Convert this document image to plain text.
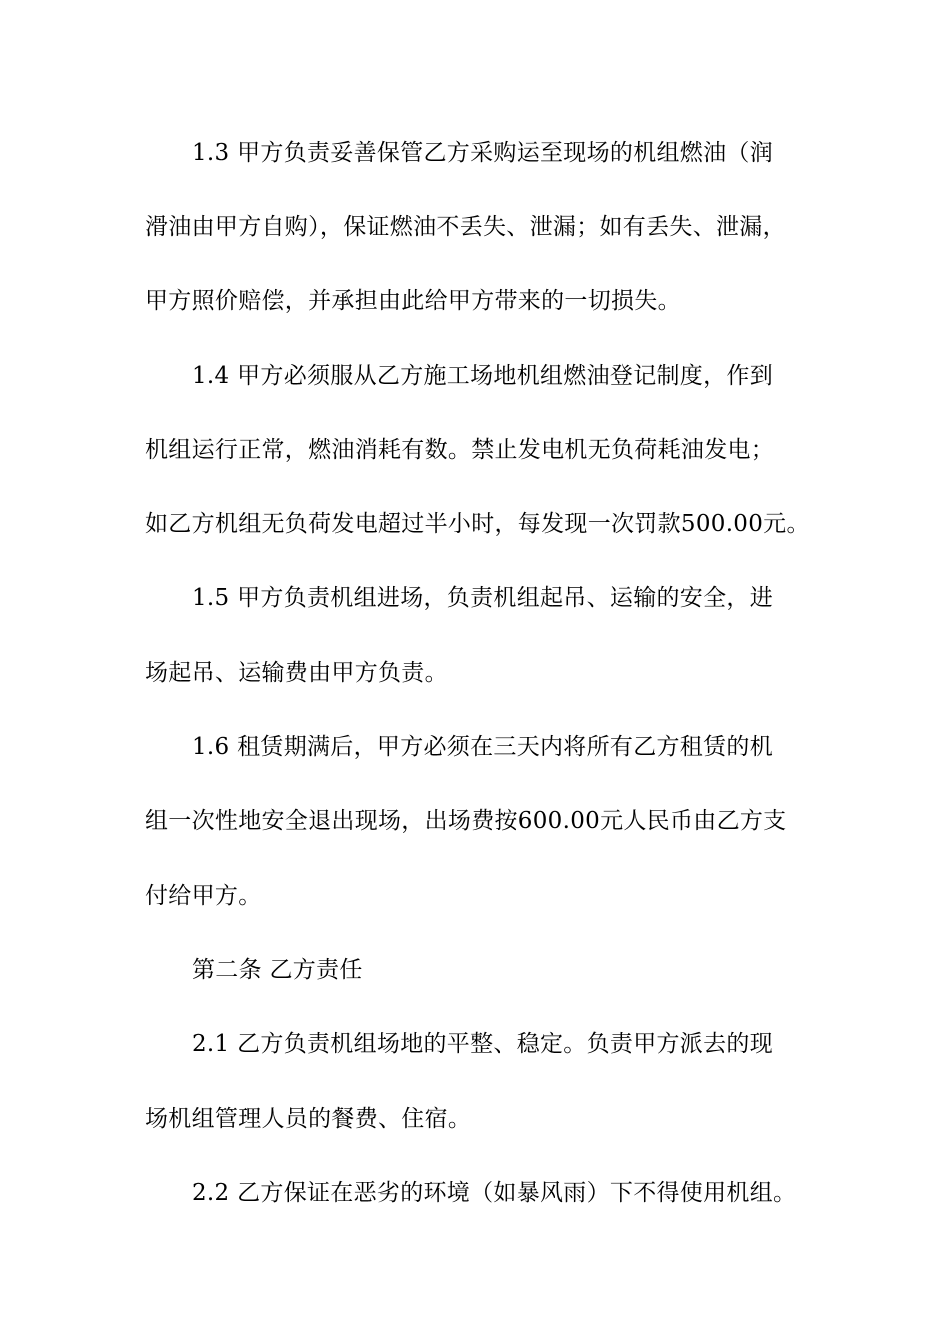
1.3 甲方负责妥善保管乙方采购运至现场的机组燃油（润
滑油由甲方自购），保证燃油不丢失、泄漏；如有丢失、泄漏，
甲方照价赔偿，并承担由此给甲方带来的一切损失。
1.4 甲方必须服从乙方施工场地机组燃油登记制度，作到
机组运行正常，燃油消耗有数。禁止发电机无负荷耗油发电；
如乙方机组无负荷发电超过半小时，每发现一次罚款500.00元。
1.5 甲方负责机组进场，负责机组起吊、运输的安全，进
场起吊、运输费由甲方负责。
1.6 租赁期满后，甲方必须在三天内将所有乙方租赁的机
组一次性地安全退出现场，出场费按600.00元人民币由乙方支
付给甲方。
第二条 乙方责任
2.1 乙方负责机组场地的平整、稳定。负责甲方派去的现
场机组管理人员的餐费、住宿。
2.2 乙方保证在恶劣的环境（如暴风雨）下不得使用机组。
